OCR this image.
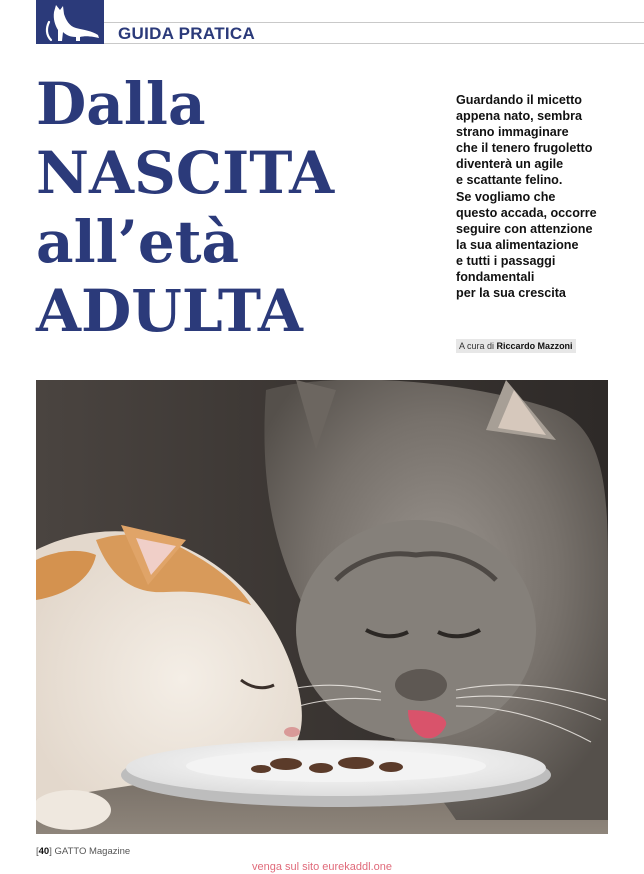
GUIDA PRATICA
Dalla
NASCITA
all’età
ADULTA
Guardando il micetto
appena nato, sembra
strano immaginare
che il tenero frugoletto
diventerà un agile
e scattante felino.
Se vogliamo che
questo accada, occorre
seguire con attenzione
la sua alimentazione
e tutti i passaggi
fondamentali
per la sua crescita
A cura di Riccardo Mazzoni
[40] GATTO Magazine
venga sul sito eurekaddl.one
